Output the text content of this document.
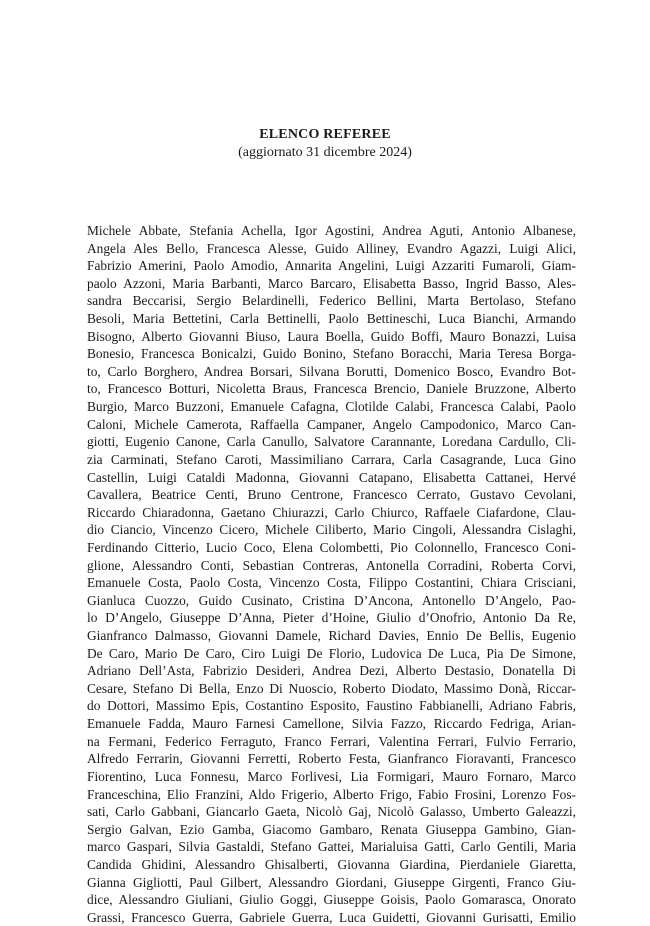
ELENCO REFEREE
(aggiornato 31 dicembre 2024)
Michele Abbate, Stefania Achella, Igor Agostini, Andrea Aguti, Antonio Albanese,
Angela Ales Bello, Francesca Alesse, Guido Alliney, Evandro Agazzi, Luigi Alici,
Fabrizio Amerini, Paolo Amodio, Annarita Angelini, Luigi Azzariti Fumaroli, Giam-
paolo Azzoni, Maria Barbanti, Marco Barcaro, Elisabetta Basso, Ingrid Basso, Ales-
sandra Beccarisi, Sergio Belardinelli, Federico Bellini, Marta Bertolaso, Stefano
Besoli, Maria Bettetini, Carla Bettinelli, Paolo Bettineschi, Luca Bianchi, Armando
Bisogno, Alberto Giovanni Biuso, Laura Boella, Guido Boffi, Mauro Bonazzi, Luisa
Bonesio, Francesca Bonicalzi, Guido Bonino, Stefano Boracchi, Maria Teresa Borga-
to, Carlo Borghero, Andrea Borsari, Silvana Borutti, Domenico Bosco, Evandro Bot-
to, Francesco Botturi, Nicoletta Braus, Francesca Brencio, Daniele Bruzzone, Alberto
Burgio, Marco Buzzoni, Emanuele Cafagna, Clotilde Calabi, Francesca Calabi, Paolo
Caloni, Michele Camerota, Raffaella Campaner, Angelo Campodonico, Marco Can-
giotti, Eugenio Canone, Carla Canullo, Salvatore Carannante, Loredana Cardullo, Cli-
zia Carminati, Stefano Caroti, Massimiliano Carrara, Carla Casagrande, Luca Gino
Castellin, Luigi Cataldi Madonna, Giovanni Catapano, Elisabetta Cattanei, Hervé
Cavallera, Beatrice Centi, Bruno Centrone, Francesco Cerrato, Gustavo Cevolani,
Riccardo Chiaradonna, Gaetano Chiurazzi, Carlo Chiurco, Raffaele Ciafardone, Clau-
dio Ciancio, Vincenzo Cicero, Michele Ciliberto, Mario Cingoli, Alessandra Cislaghi,
Ferdinando Citterio, Lucio Coco, Elena Colombetti, Pio Colonnello, Francesco Coni-
glione, Alessandro Conti, Sebastian Contreras, Antonella Corradini, Roberta Corvi,
Emanuele Costa, Paolo Costa, Vincenzo Costa, Filippo Costantini, Chiara Crisciani,
Gianluca Cuozzo, Guido Cusinato, Cristina D’Ancona, Antonello D’Angelo, Pao-
lo D’Angelo, Giuseppe D’Anna, Pieter d’Hoine, Giulio d’Onofrio, Antonio Da Re,
Gianfranco Dalmasso, Giovanni Damele, Richard Davies, Ennio De Bellis, Eugenio
De Caro, Mario De Caro, Ciro Luigi De Florio, Ludovica De Luca, Pia De Simone,
Adriano Dell’Asta, Fabrizio Desideri, Andrea Dezi, Alberto Destasio, Donatella Di
Cesare, Stefano Di Bella, Enzo Di Nuoscio, Roberto Diodato, Massimo Donà, Riccar-
do Dottori, Massimo Epis, Costantino Esposito, Faustino Fabbianelli, Adriano Fabris,
Emanuele Fadda, Mauro Farnesi Camellone, Silvia Fazzo, Riccardo Fedriga, Arian-
na Fermani, Federico Ferraguto, Franco Ferrari, Valentina Ferrari, Fulvio Ferrario,
Alfredo Ferrarin, Giovanni Ferretti, Roberto Festa, Gianfranco Fioravanti, Francesco
Fiorentino, Luca Fonnesu, Marco Forlivesi, Lia Formigari, Mauro Fornaro, Marco
Franceschina, Elio Franzini, Aldo Frigerio, Alberto Frigo, Fabio Frosini, Lorenzo Fos-
sati, Carlo Gabbani, Giancarlo Gaeta, Nicolò Gaj, Nicolò Galasso, Umberto Galeazzi,
Sergio Galvan, Ezio Gamba, Giacomo Gambaro, Renata Giuseppa Gambino, Gian-
marco Gaspari, Silvia Gastaldi, Stefano Gattei, Marialuisa Gatti, Carlo Gentili, Maria
Candida Ghidini, Alessandro Ghisalberti, Giovanna Giardina, Pierdaniele Giaretta,
Gianna Gigliotti, Paul Gilbert, Alessandro Giordani, Giuseppe Girgenti, Franco Giu-
dice, Alessandro Giuliani, Giulio Goggi, Giuseppe Goisis, Paolo Gomarasca, Onorato
Grassi, Francesco Guerra, Gabriele Guerra, Luca Guidetti, Giovanni Gurisatti, Emilio
